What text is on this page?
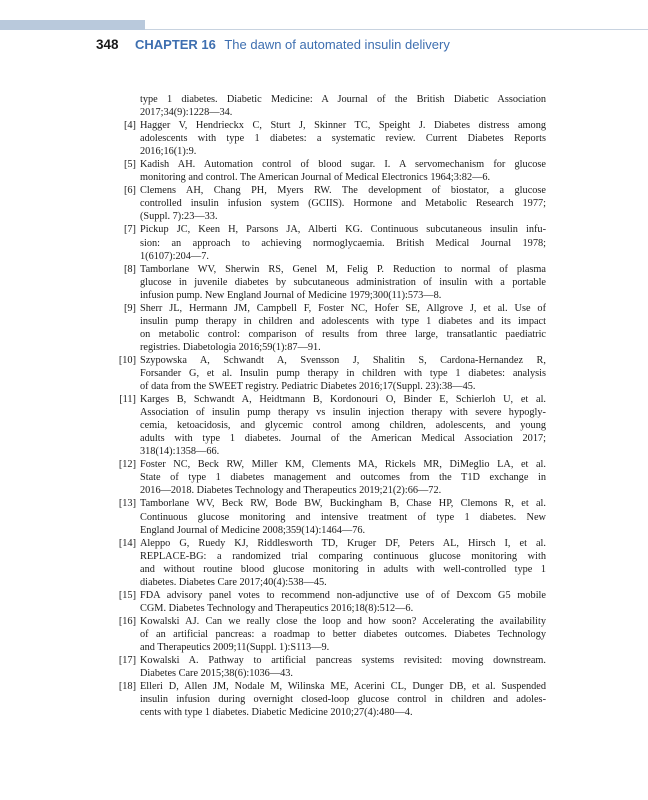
348 CHAPTER 16 The dawn of automated insulin delivery
type 1 diabetes. Diabetic Medicine: A Journal of the British Diabetic Association
2017;34(9):1228—34.
[4] Hagger V, Hendrieckx C, Sturt J, Skinner TC, Speight J. Diabetes distress among
adolescents with type 1 diabetes: a systematic review. Current Diabetes Reports
2016;16(1):9.
[5] Kadish AH. Automation control of blood sugar. I. A servomechanism for glucose
monitoring and control. The American Journal of Medical Electronics 1964;3:82—6.
[6] Clemens AH, Chang PH, Myers RW. The development of biostator, a glucose
controlled insulin infusion system (GCIIS). Hormone and Metabolic Research 1977;
(Suppl. 7):23—33.
[7] Pickup JC, Keen H, Parsons JA, Alberti KG. Continuous subcutaneous insulin infu-
sion: an approach to achieving normoglycaemia. British Medical Journal 1978;
1(6107):204—7.
[8] Tamborlane WV, Sherwin RS, Genel M, Felig P. Reduction to normal of plasma
glucose in juvenile diabetes by subcutaneous administration of insulin with a portable
infusion pump. New England Journal of Medicine 1979;300(11):573—8.
[9] Sherr JL, Hermann JM, Campbell F, Foster NC, Hofer SE, Allgrove J, et al. Use of
insulin pump therapy in children and adolescents with type 1 diabetes and its impact
on metabolic control: comparison of results from three large, transatlantic paediatric
registries. Diabetologia 2016;59(1):87—91.
[10] Szypowska A, Schwandt A, Svensson J, Shalitin S, Cardona-Hernandez R,
Forsander G, et al. Insulin pump therapy in children with type 1 diabetes: analysis
of data from the SWEET registry. Pediatric Diabetes 2016;17(Suppl. 23):38—45.
[11] Karges B, Schwandt A, Heidtmann B, Kordonouri O, Binder E, Schierloh U, et al.
Association of insulin pump therapy vs insulin injection therapy with severe hypogly-
cemia, ketoacidosis, and glycemic control among children, adolescents, and young
adults with type 1 diabetes. Journal of the American Medical Association 2017;
318(14):1358—66.
[12] Foster NC, Beck RW, Miller KM, Clements MA, Rickels MR, DiMeglio LA, et al.
State of type 1 diabetes management and outcomes from the T1D exchange in
2016—2018. Diabetes Technology and Therapeutics 2019;21(2):66—72.
[13] Tamborlane WV, Beck RW, Bode BW, Buckingham B, Chase HP, Clemons R, et al.
Continuous glucose monitoring and intensive treatment of type 1 diabetes. New
England Journal of Medicine 2008;359(14):1464—76.
[14] Aleppo G, Ruedy KJ, Riddlesworth TD, Kruger DF, Peters AL, Hirsch I, et al.
REPLACE-BG: a randomized trial comparing continuous glucose monitoring with
and without routine blood glucose monitoring in adults with well-controlled type 1
diabetes. Diabetes Care 2017;40(4):538—45.
[15] FDA advisory panel votes to recommend non-adjunctive use of of Dexcom G5 mobile
CGM. Diabetes Technology and Therapeutics 2016;18(8):512—6.
[16] Kowalski AJ. Can we really close the loop and how soon? Accelerating the availability
of an artificial pancreas: a roadmap to better diabetes outcomes. Diabetes Technology
and Therapeutics 2009;11(Suppl. 1):S113—9.
[17] Kowalski A. Pathway to artificial pancreas systems revisited: moving downstream.
Diabetes Care 2015;38(6):1036—43.
[18] Elleri D, Allen JM, Nodale M, Wilinska ME, Acerini CL, Dunger DB, et al. Suspended
insulin infusion during overnight closed-loop glucose control in children and adoles-
cents with type 1 diabetes. Diabetic Medicine 2010;27(4):480—4.
